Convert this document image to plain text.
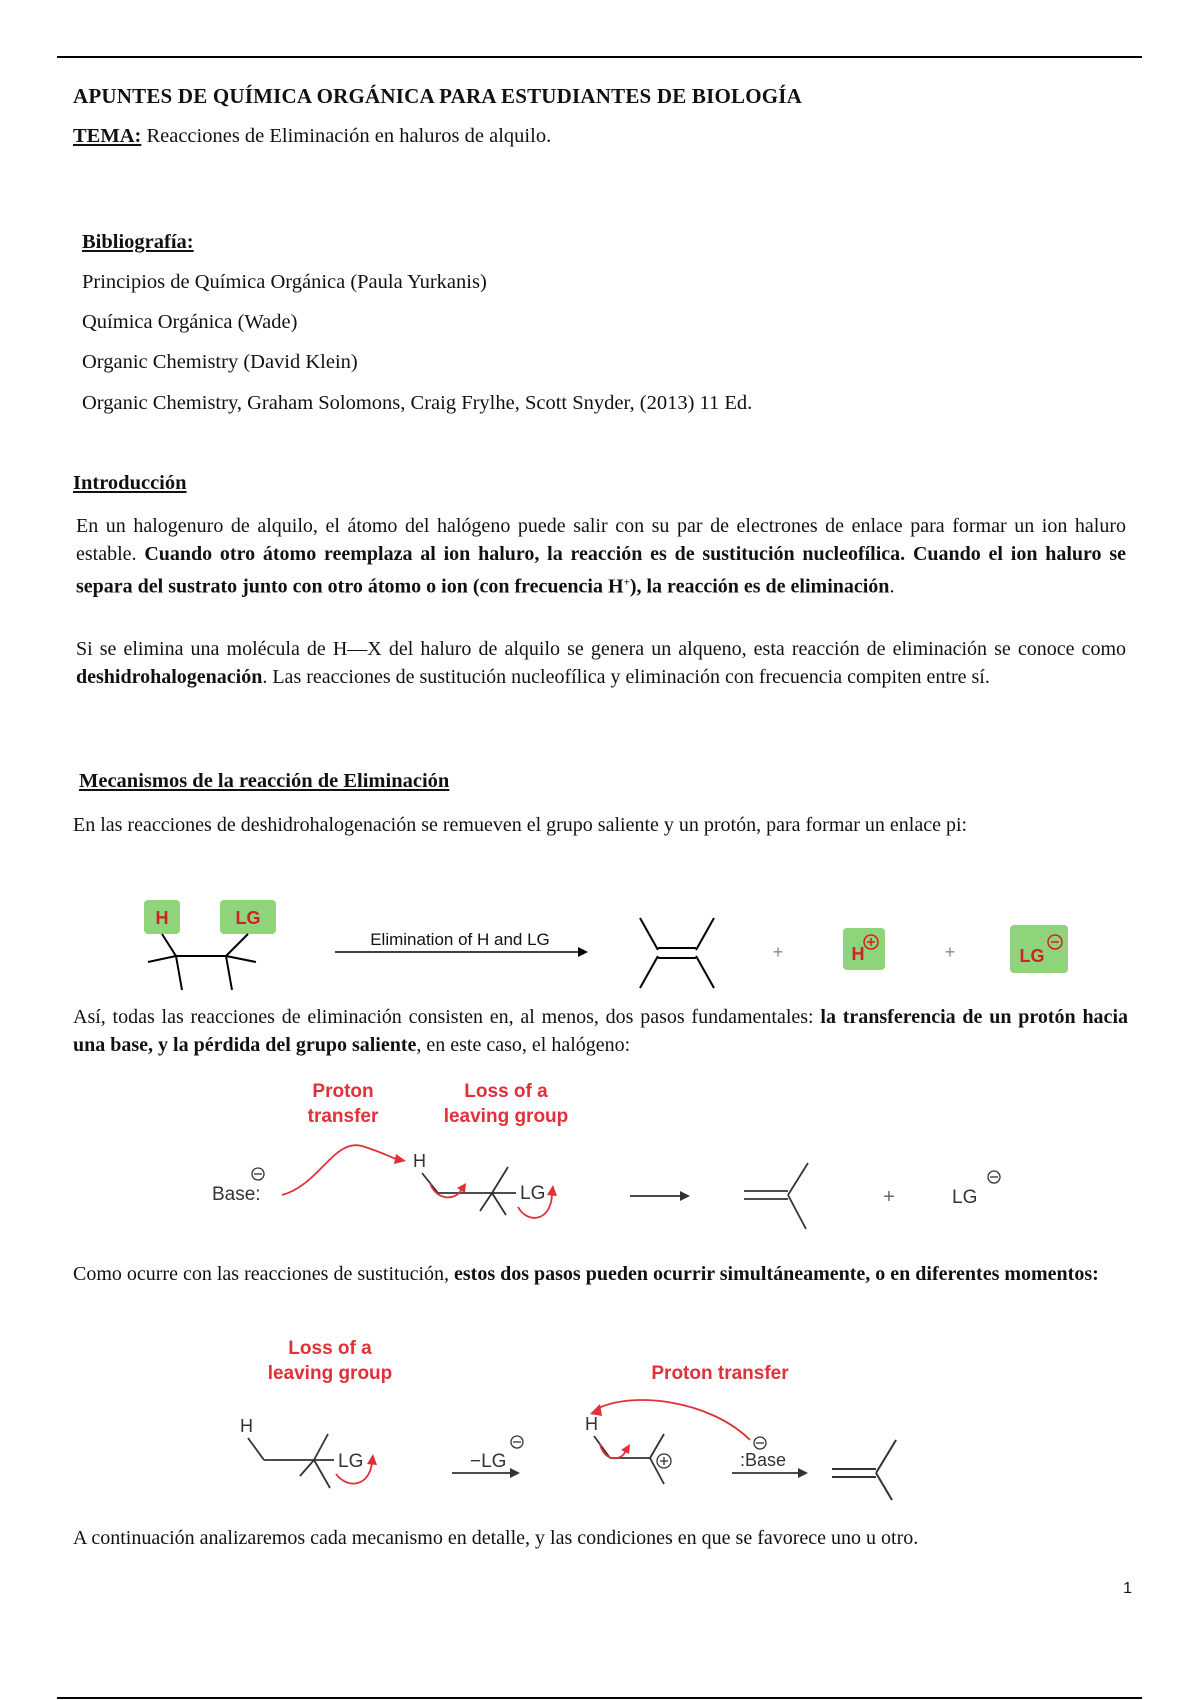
APUNTES DE QUÍMICA ORGÁNICA PARA ESTUDIANTES DE BIOLOGÍA
TEMA: Reacciones de Eliminación en haluros de alquilo.
Bibliografía:
Principios de Química Orgánica (Paula Yurkanis)
Química Orgánica (Wade)
Organic Chemistry (David Klein)
Organic Chemistry, Graham Solomons, Craig Frylhe, Scott Snyder, (2013) 11 Ed.
Introducción
En un halogenuro de alquilo, el átomo del halógeno puede salir con su par de electrones de enlace para formar un ion haluro estable. Cuando otro átomo reemplaza al ion haluro, la reacción es de sustitución nucleofílica. Cuando el ion haluro se separa del sustrato junto con otro átomo o ion (con frecuencia H+), la reacción es de eliminación.
Si se elimina una molécula de H—X del haluro de alquilo se genera un alqueno, esta reacción de eliminación se conoce como deshidrohalogenación. Las reacciones de sustitución nucleofílica y eliminación con frecuencia compiten entre sí.
Mecanismos de la reacción de Eliminación
En las reacciones de deshidrohalogenación se remueven el grupo saliente y un protón, para formar un enlace pi:
H	LG
Elimination of H and LG
+	H	+	LG
Así, todas las reacciones de eliminación consisten en, al menos, dos pasos fundamentales: la transferencia de un protón hacia una base, y la pérdida del grupo saliente, en este caso, el halógeno:
Proton
transfer
Loss of a
leaving group
Base:
H
LG	+	LG
Como ocurre con las reacciones de sustitución, estos dos pasos pueden ocurrir simultáneamente, o en diferentes momentos:
Loss of a
leaving group	Proton transfer
H
LG	−LG
H
:Base
A continuación analizaremos cada mecanismo en detalle, y las condiciones en que se favorece uno u otro.
1
